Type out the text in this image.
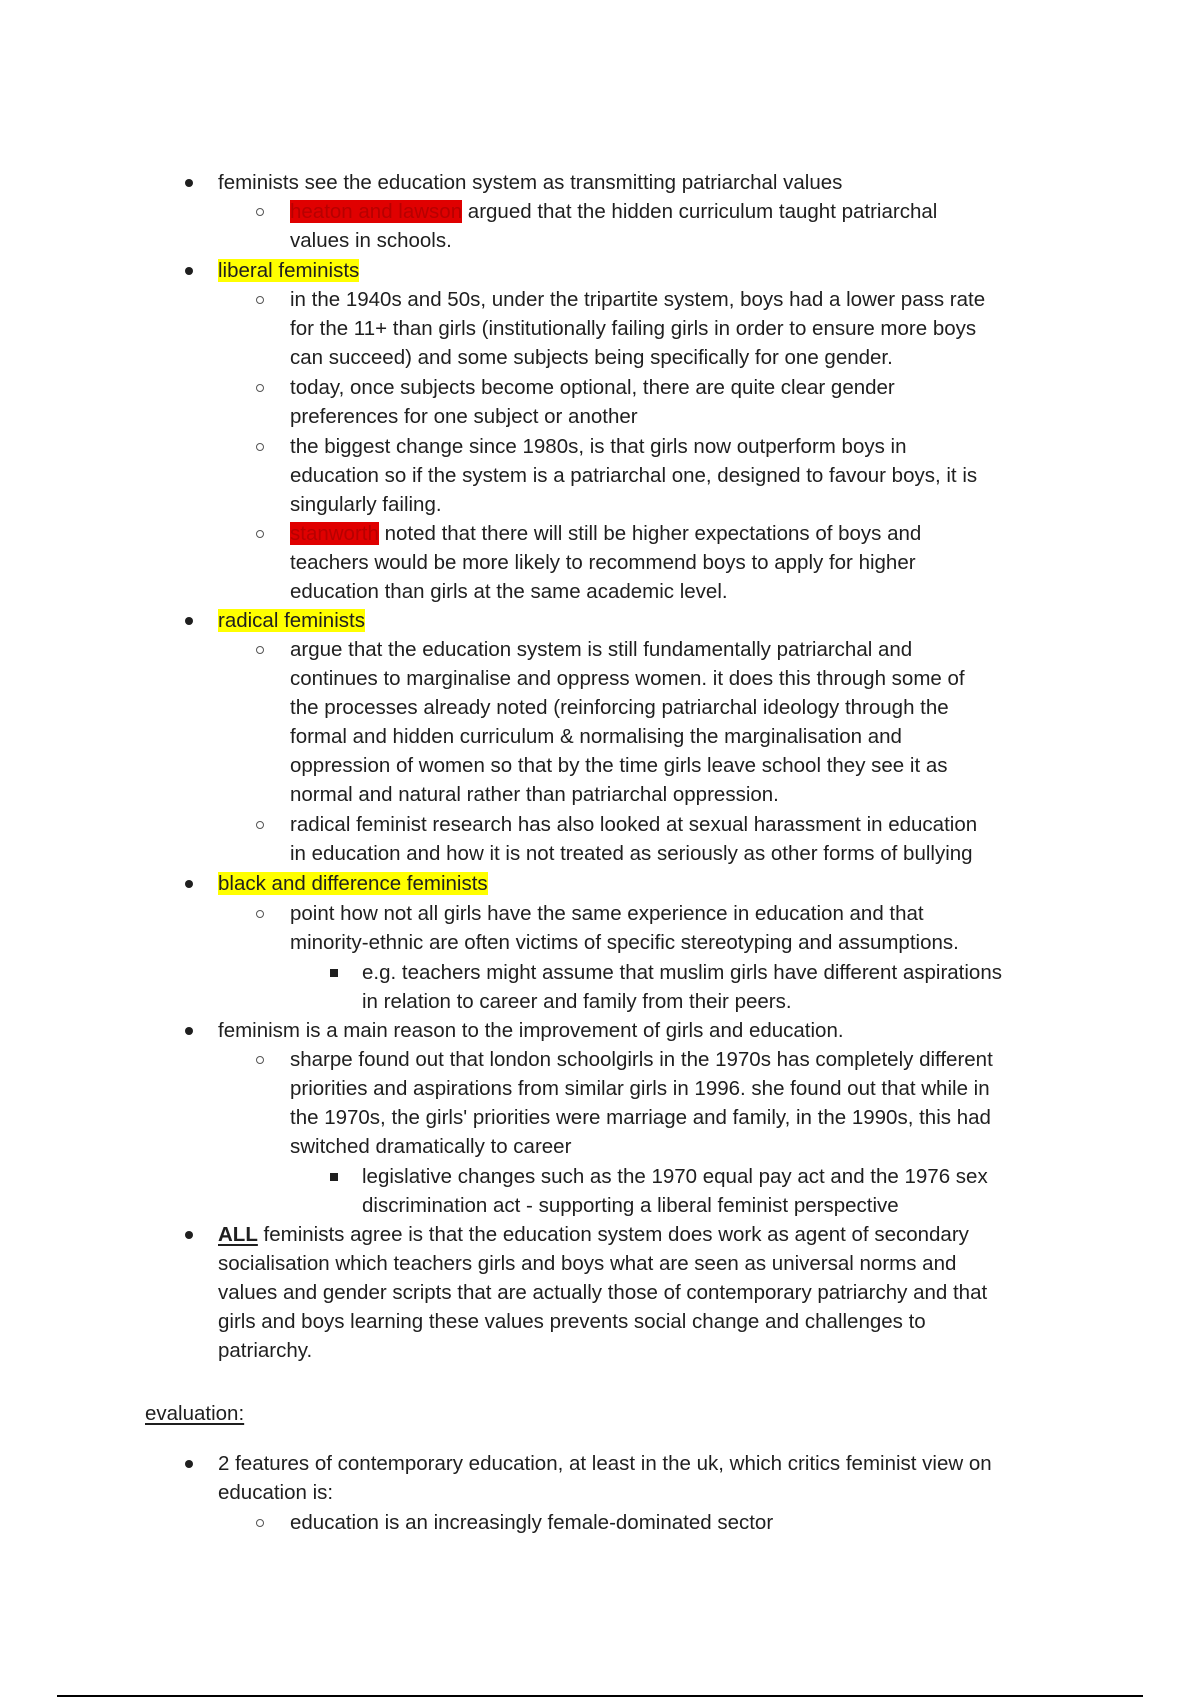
feminists see the education system as transmitting patriarchal values

heaton and lawson argued that the hidden curriculum taught patriarchal

values in schools.

liberal feminists

in the 1940s and 50s, under the tripartite system, boys had a lower pass rate

for the 11+ than girls (institutionally failing girls in order to ensure more boys

can succeed) and some subjects being specifically for one gender.

today, once subjects become optional, there are quite clear gender

preferences for one subject or another

the biggest change since 1980s, is that girls now outperform boys in

education so if the system is a patriarchal one, designed to favour boys, it is

singularly failing.

stanworth noted that there will still be higher expectations of boys and

teachers would be more likely to recommend boys to apply for higher

education than girls at the same academic level.

radical feminists

argue that the education system is still fundamentally patriarchal and

continues to marginalise and oppress women. it does this through some of

the processes already noted (reinforcing patriarchal ideology through the

formal and hidden curriculum & normalising the marginalisation and

oppression of women so that by the time girls leave school they see it as

normal and natural rather than patriarchal oppression.

radical feminist research has also looked at sexual harassment in education

in education and how it is not treated as seriously as other forms of bullying

black and difference feminists

point how not all girls have the same experience in education and that

minority-ethnic are often victims of specific stereotyping and assumptions.

e.g. teachers might assume that muslim girls have different aspirations

in relation to career and family from their peers.

feminism is a main reason to the improvement of girls and education.

sharpe found out that london schoolgirls in the 1970s has completely different

priorities and aspirations from similar girls in 1996. she found out that while in

the 1970s, the girls' priorities were marriage and family, in the 1990s, this had

switched dramatically to career

legislative changes such as the 1970 equal pay act and the 1976 sex

discrimination act - supporting a liberal feminist perspective

ALL feminists agree is that the education system does work as agent of secondary

socialisation which teachers girls and boys what are seen as universal norms and

values and gender scripts that are actually those of contemporary patriarchy and that

girls and boys learning these values prevents social change and challenges to

patriarchy.

evaluation:

2 features of contemporary education, at least in the uk, which critics feminist view on

education is:

education is an increasingly female-dominated sector
